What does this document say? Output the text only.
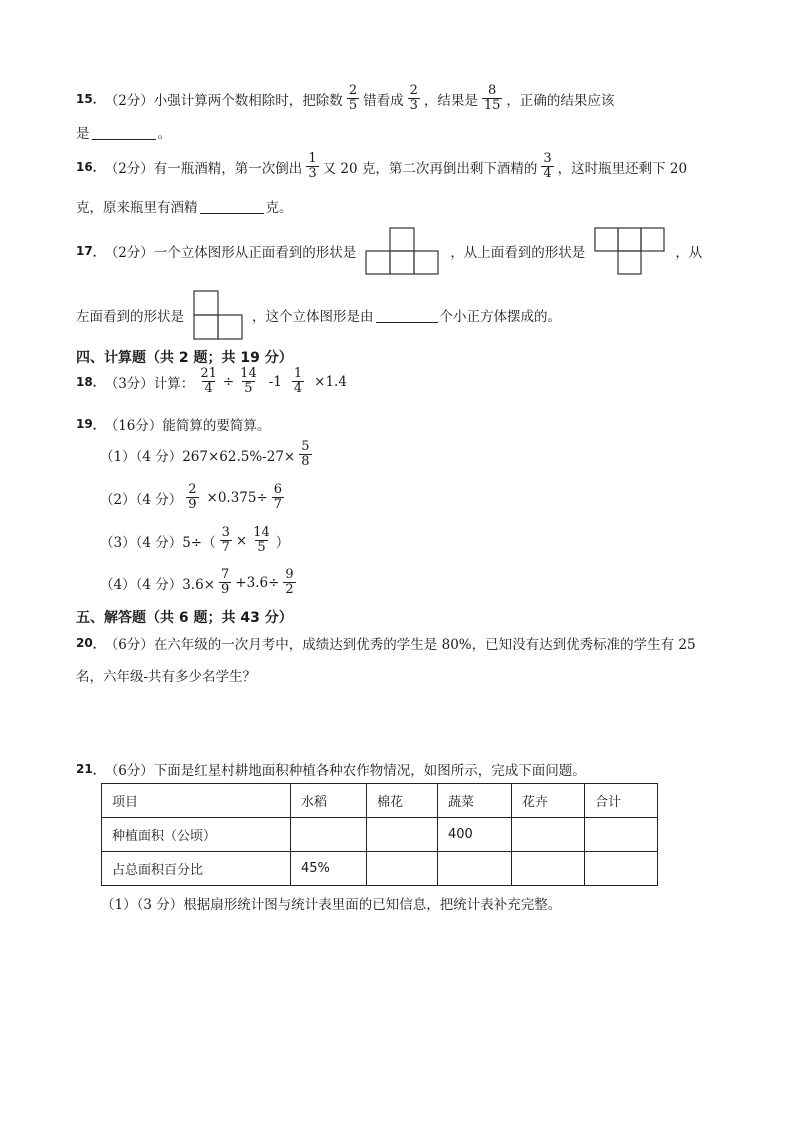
15 ． （2分）小强计算两个数相除时，把除数 $\frac{2}{5}$ 错看成 $\frac{2}{3}$ ，结果是 $\frac{8}{15}$ ，正确的结果应该
是	。
16 ． （2分）有一瓶酒精，第一次倒出 $\frac{1}{3}$ 又 20 克，第二次再倒出剩下酒精的 $\frac{3}{4}$ ，这时瓶里还剩下 20
克，原来瓶里有酒精	克。
17 ． （2分）一个立体图形从正面看到的形状是	，从上面看到的形状是	，从
左面看到的形状是	，这个立体图形是由	个小正方体摆成的。
四、计算题（共 2 题；共 19 分）
18 ． （3分）计算： $\frac{21}{4} \div \frac{14}{5} -1 \frac{1}{4} \times 1.4$
19 ． （16分）能简算的要简算。
（1）（4 分）$267\times 62.5\%-27\times \frac{5}{8}$
（2）（4 分） $\frac{2}{9} \times 0.375\div \frac{6}{7}$
（3）（4 分）$5\div( \frac{3}{7} \times \frac{14}{5}$ ）
（4）（4 分）$3.6\times \frac{7}{9} +3.6\div \frac{9}{2}$
五、解答题（共 6 题；共 43 分）
20 ． （6分）在六年级的一次月考中，成绩达到优秀的学生是 80%，已知没有达到优秀标准的学生有 25
名，六年级-共有多少名学生？
21 ． （6分）下面是红星村耕地面积种植各种农作物情况，如图所示，完成下面问题。
项目	水稻	棉花	蔬菜	花卉	合计
种植面积（公顷）			400		
占总面积百分比	45%				
（1）（3 分）根据扇形统计图与统计表里面的已知信息，把统计表补充完整。
